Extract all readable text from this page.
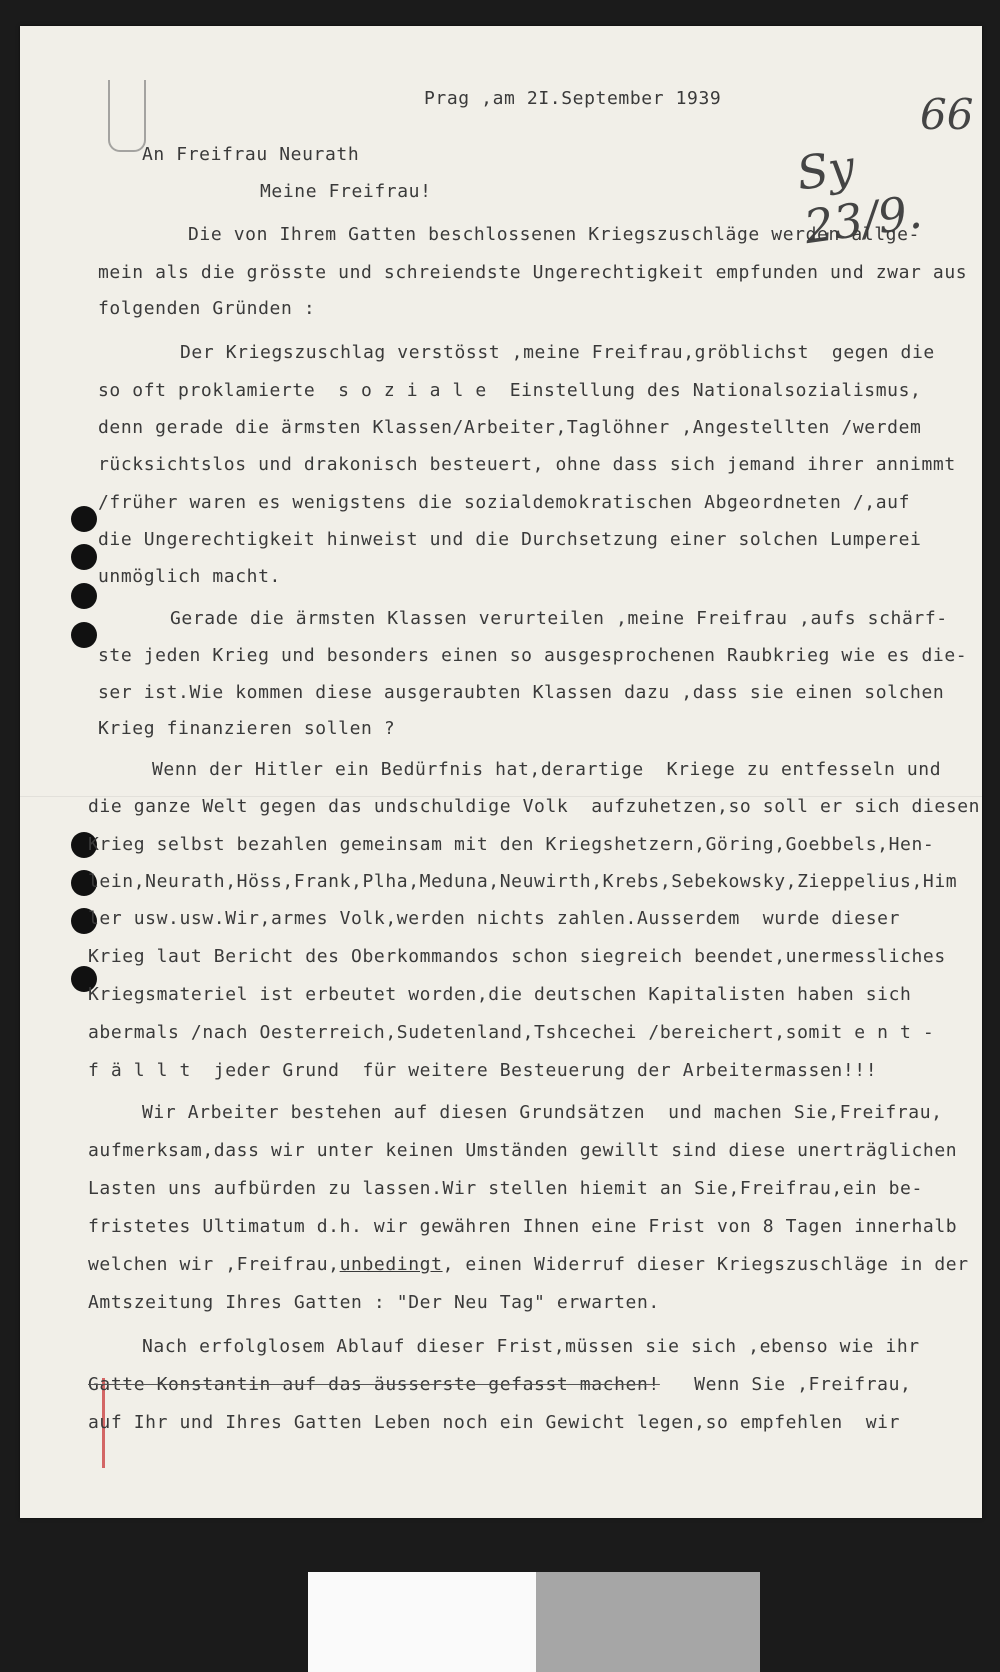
66
Sy 23/9.
Prag ,am 2I.September 1939
An Freifrau Neurath
Meine Freifrau!
Die von Ihrem Gatten beschlossenen Kriegszuschläge werden allge-
mein als die grösste und schreiendste Ungerechtigkeit empfunden und zwar aus
folgenden Gründen :
Der Kriegszuschlag verstösst ,meine Freifrau,gröblichst  gegen die
so oft proklamierte  s o z i a l e  Einstellung des Nationalsozialismus,
denn gerade die ärmsten Klassen/Arbeiter,Taglöhner ,Angestellten /werdem
rücksichtslos und drakonisch besteuert, ohne dass sich jemand ihrer annimmt
/früher waren es wenigstens die sozialdemokratischen Abgeordneten /,auf
die Ungerechtigkeit hinweist und die Durchsetzung einer solchen Lumperei
unmöglich macht.
Gerade die ärmsten Klassen verurteilen ,meine Freifrau ,aufs schärf-
ste jeden Krieg und besonders einen so ausgesprochenen Raubkrieg wie es die-
ser ist.Wie kommen diese ausgeraubten Klassen dazu ,dass sie einen solchen
Krieg finanzieren sollen ?
Wenn der Hitler ein Bedürfnis hat,derartige  Kriege zu entfesseln und
die ganze Welt gegen das undschuldige Volk  aufzuhetzen,so soll er sich diesen
Krieg selbst bezahlen gemeinsam mit den Kriegshetzern,Göring,Goebbels,Hen-
lein,Neurath,Höss,Frank,Plha,Meduna,Neuwirth,Krebs,Sebekowsky,Zieppelius,Him
ler usw.usw.Wir,armes Volk,werden nichts zahlen.Ausserdem  wurde dieser
Krieg laut Bericht des Oberkommandos schon siegreich beendet,unermessliches
Kriegsmateriel ist erbeutet worden,die deutschen Kapitalisten haben sich
abermals /nach Oesterreich,Sudetenland,Tshcechei /bereichert,somit e n t -
f ä l l t  jeder Grund  für weitere Besteuerung der Arbeitermassen!!!
Wir Arbeiter bestehen auf diesen Grundsätzen  und machen Sie,Freifrau,
aufmerksam,dass wir unter keinen Umständen gewillt sind diese unerträglichen
Lasten uns aufbürden zu lassen.Wir stellen hiemit an Sie,Freifrau,ein be-
fristetes Ultimatum d.h. wir gewähren Ihnen eine Frist von 8 Tagen innerhalb
welchen wir ,Freifrau,unbedingt, einen Widerruf dieser Kriegszuschläge in der
Amtszeitung Ihres Gatten : "Der Neu Tag" erwarten.
Nach erfolglosem Ablauf dieser Frist,müssen sie sich ,ebenso wie ihr
Gatte Konstantin auf das äusserste gefasst machen! Wenn Sie ,Freifrau,
auf Ihr und Ihres Gatten Leben noch ein Gewicht legen,so empfehlen  wir
